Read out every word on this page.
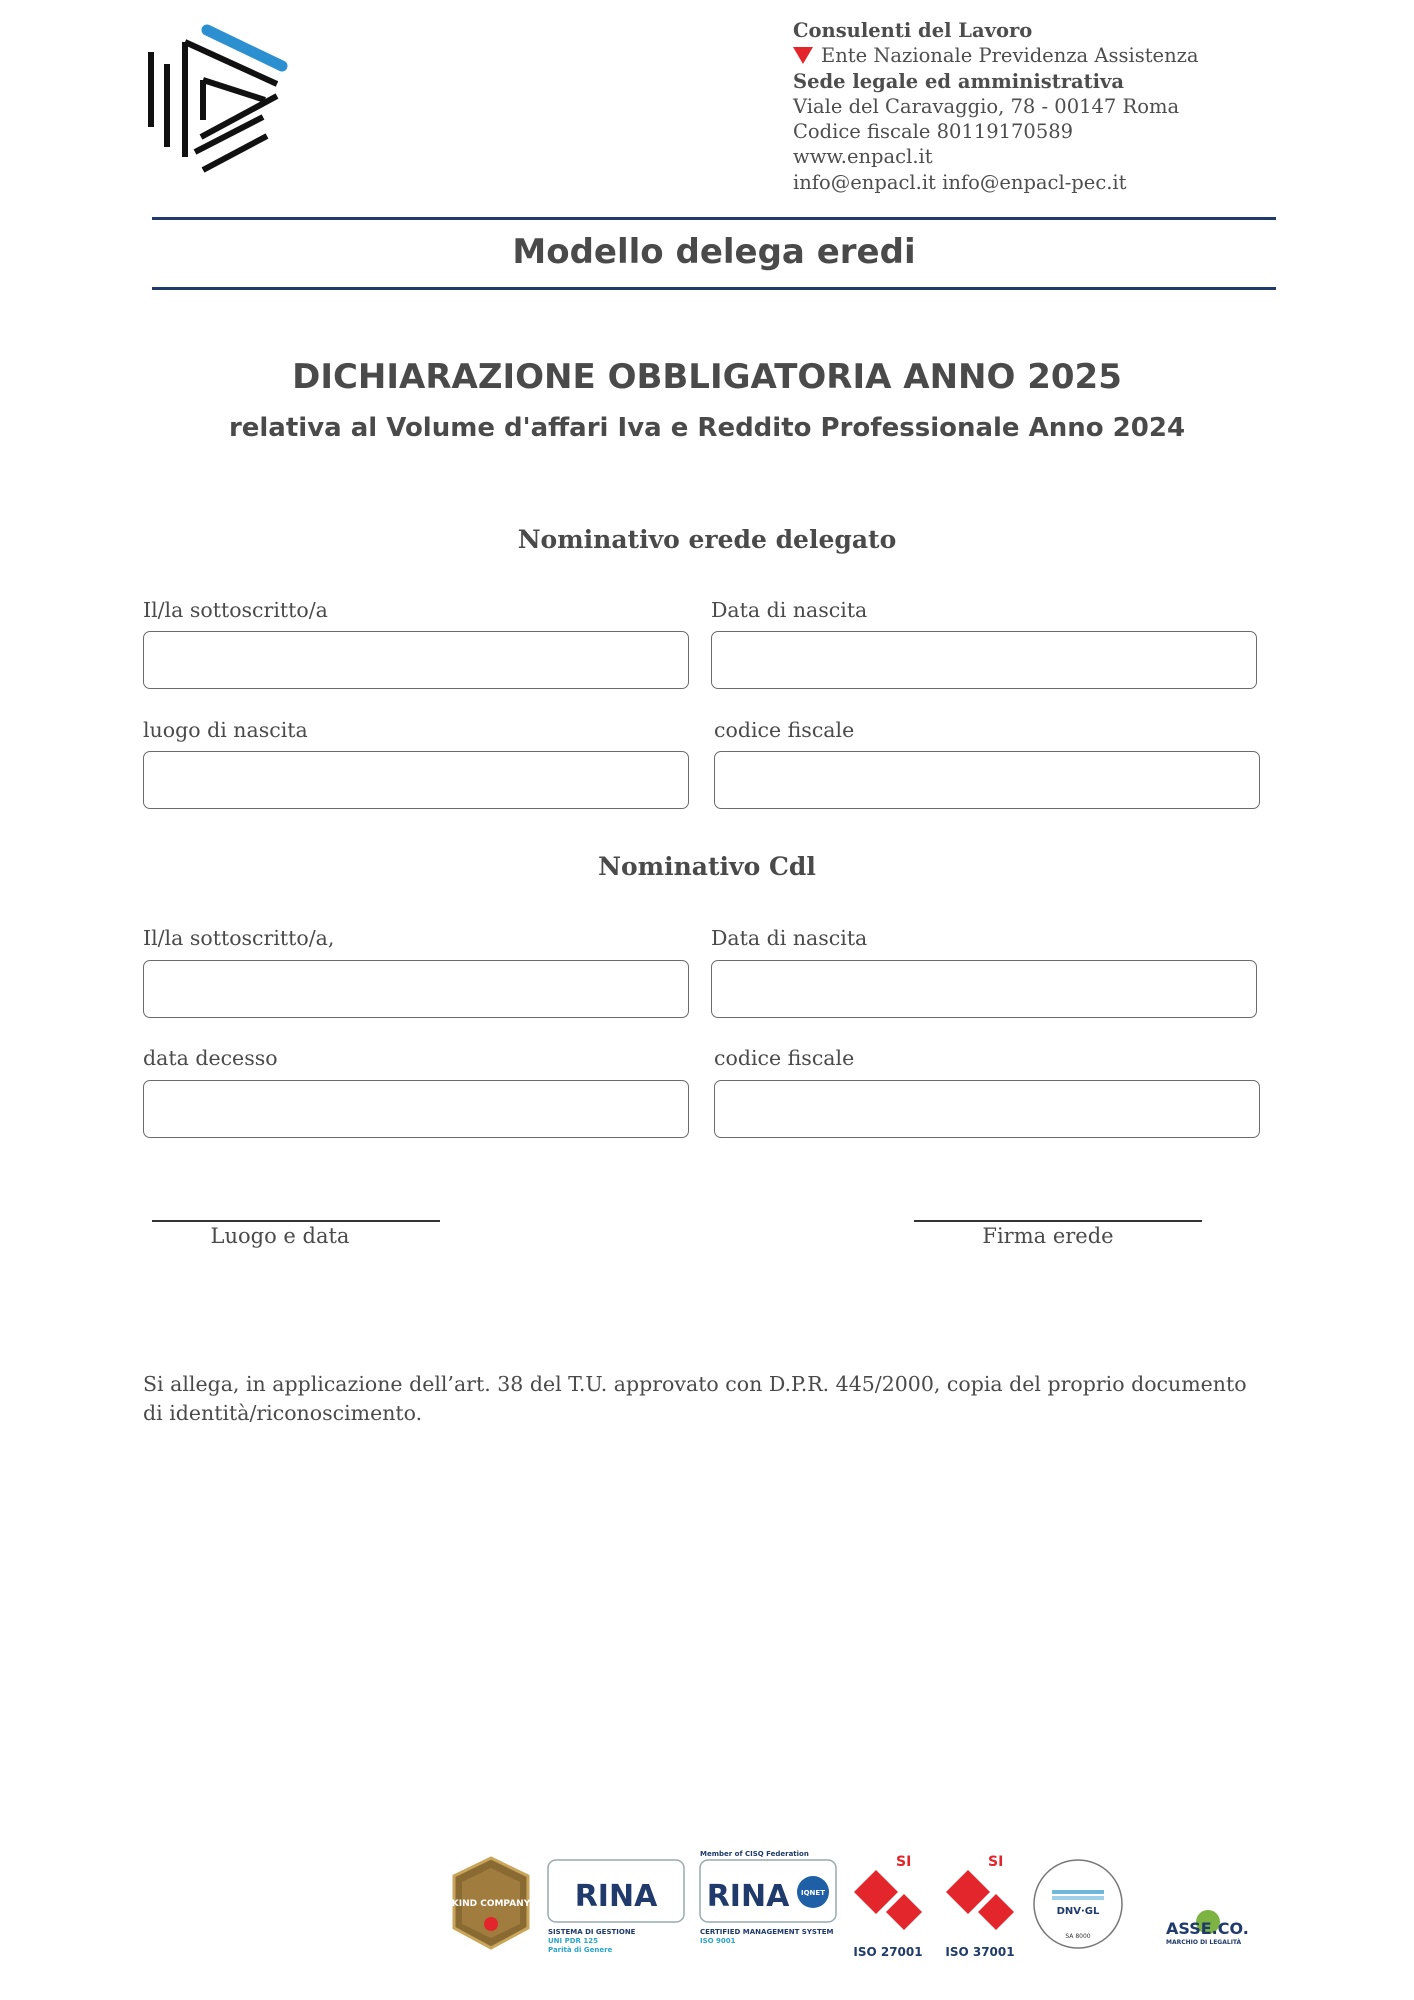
Consulenti del Lavoro
Ente Nazionale Previdenza Assistenza
Sede legale ed amministrativa
Viale del Caravaggio, 78 - 00147 Roma
Codice fiscale 80119170589
www.enpacl.it
info@enpacl.it info@enpacl-pec.it
Modello delega eredi
DICHIARAZIONE OBBLIGATORIA ANNO 2025
relativa al Volume d'affari Iva e Reddito Professionale Anno 2024
Nominativo erede delegato
Il/la sottoscritto/a	Data di nascita
luogo di nascita	codice fiscale
Nominativo Cdl
Il/la sottoscritto/a,	Data di nascita
data decesso	codice fiscale
Luogo e data	Firma erede
Si allega, in applicazione dell’art. 38 del T.U. approvato con D.P.R. 445/2000, copia del proprio documento di identità/riconoscimento.
KIND COMPANY RINA
SISTEMA DI GESTIONE
UNI PDR 125
Parità di Genere
Member of CISQ Federation
RINA IQNET
CERTIFIED MANAGEMENT SYSTEM
ISO 9001
SI
ISO 27001
SI
ISO 37001
DNV·GL
SA 8000	ASSE.CO.
MARCHIO DI LEGALITÀ
